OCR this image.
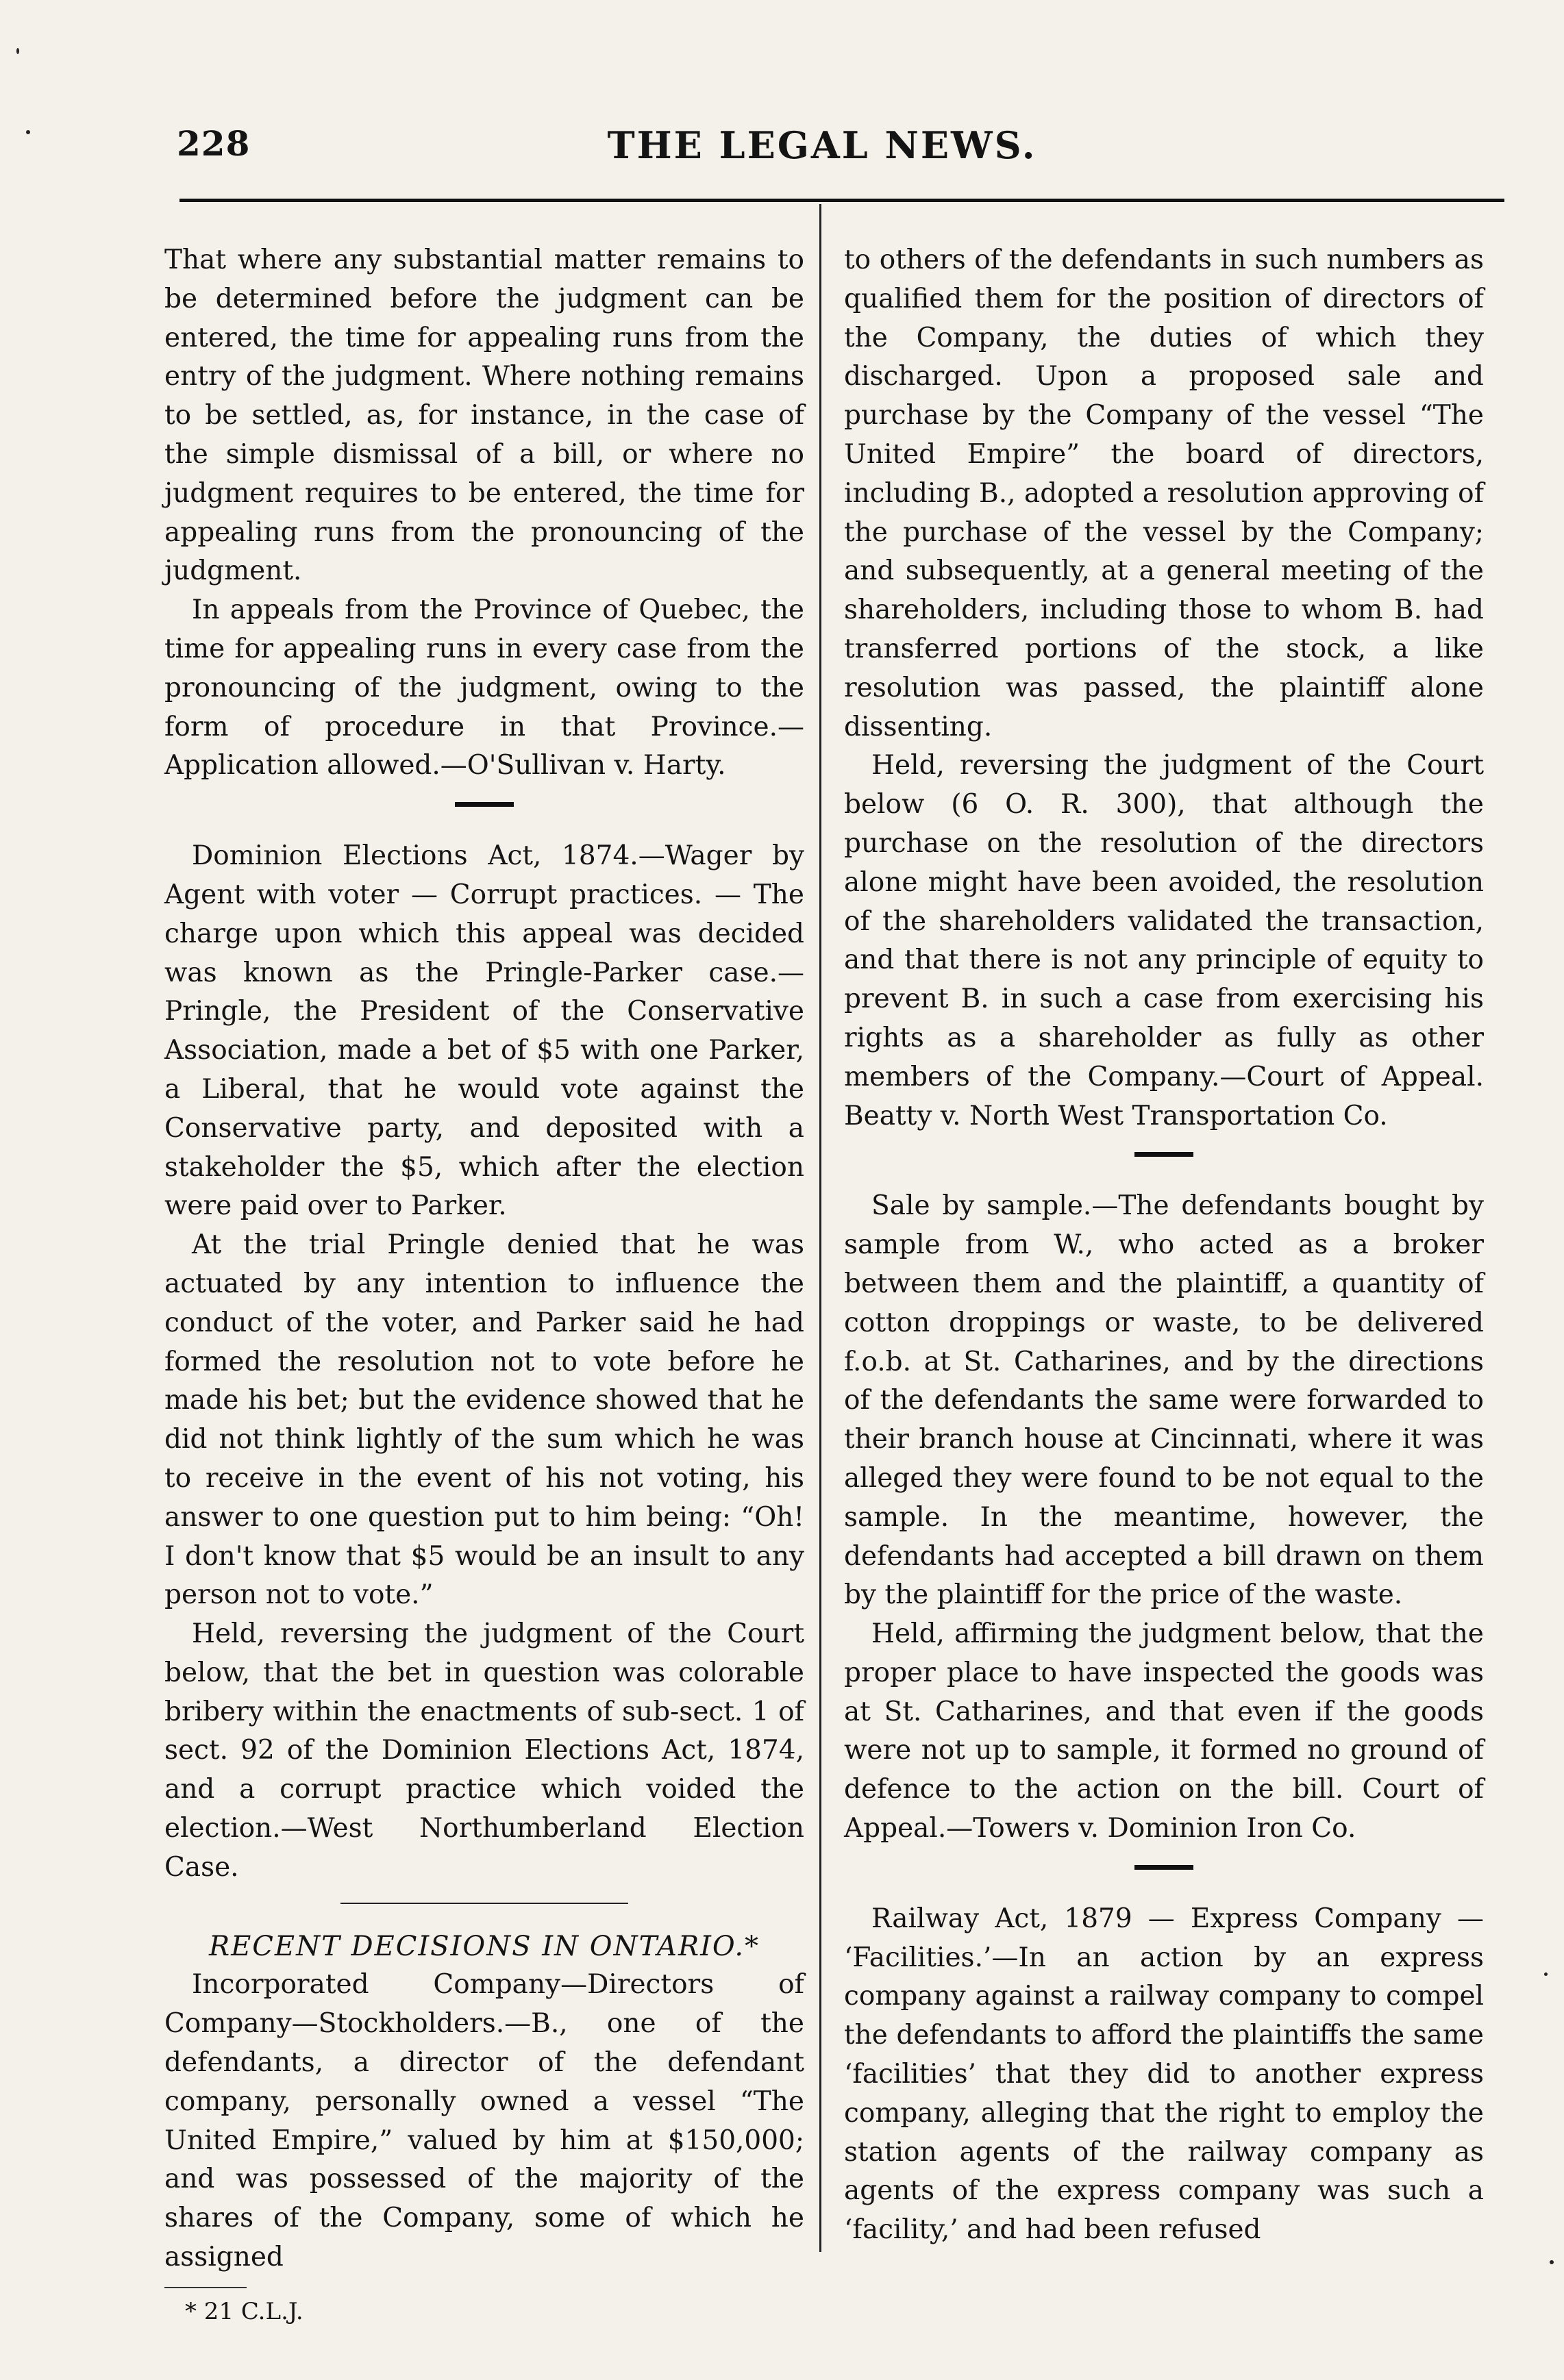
228	THE LEGAL NEWS.

That where any substantial matter remains to be determined before the judgment can be entered, the time for appealing runs from the entry of the judgment. Where nothing remains to be settled, as, for instance, in the case of the simple dismissal of a bill, or where no judgment requires to be entered, the time for appealing runs from the pronouncing of the judgment.

In appeals from the Province of Quebec, the time for appealing runs in every case from the pronouncing of the judgment, owing to the form of procedure in that Province.—Application allowed.—O'Sullivan v. Harty.

Dominion Elections Act, 1874.—Wager by Agent with voter — Corrupt practices. — The charge upon which this appeal was decided was known as the Pringle-Parker case.—Pringle, the President of the Conservative Association, made a bet of $5 with one Parker, a Liberal, that he would vote against the Conservative party, and deposited with a stakeholder the $5, which after the election were paid over to Parker.

At the trial Pringle denied that he was actuated by any intention to influence the conduct of the voter, and Parker said he had formed the resolution not to vote before he made his bet; but the evidence showed that he did not think lightly of the sum which he was to receive in the event of his not voting, his answer to one question put to him being: “Oh! I don't know that $5 would be an insult to any person not to vote.”

Held, reversing the judgment of the Court below, that the bet in question was colorable bribery within the enactments of sub-sect. 1 of sect. 92 of the Dominion Elections Act, 1874, and a corrupt practice which voided the election.—West Northumberland Election Case.

RECENT DECISIONS IN ONTARIO.*

Incorporated Company—Directors of Company—Stockholders.—B., one of the defendants, a director of the defendant company, personally owned a vessel “The United Empire,” valued by him at $150,000; and was possessed of the majority of the shares of the Company, some of which he assigned

* 21 C.L.J.

to others of the defendants in such numbers as qualified them for the position of directors of the Company, the duties of which they discharged. Upon a proposed sale and purchase by the Company of the vessel “The United Empire” the board of directors, including B., adopted a resolution approving of the purchase of the vessel by the Company; and subsequently, at a general meeting of the shareholders, including those to whom B. had transferred portions of the stock, a like resolution was passed, the plaintiff alone dissenting.

Held, reversing the judgment of the Court below (6 O. R. 300), that although the purchase on the resolution of the directors alone might have been avoided, the resolution of the shareholders validated the transaction, and that there is not any principle of equity to prevent B. in such a case from exercising his rights as a shareholder as fully as other members of the Company.—Court of Appeal. Beatty v. North West Transportation Co.

Sale by sample.—The defendants bought by sample from W., who acted as a broker between them and the plaintiff, a quantity of cotton droppings or waste, to be delivered f.o.b. at St. Catharines, and by the directions of the defendants the same were forwarded to their branch house at Cincinnati, where it was alleged they were found to be not equal to the sample. In the meantime, however, the defendants had accepted a bill drawn on them by the plaintiff for the price of the waste.

Held, affirming the judgment below, that the proper place to have inspected the goods was at St. Catharines, and that even if the goods were not up to sample, it formed no ground of defence to the action on the bill. Court of Appeal.—Towers v. Dominion Iron Co.

Railway Act, 1879 — Express Company — ‘Facilities.’—In an action by an express company against a railway company to compel the defendants to afford the plaintiffs the same ‘facilities’ that they did to another express company, alleging that the right to employ the station agents of the railway company as agents of the express company was such a ‘facility,’ and had been refused
